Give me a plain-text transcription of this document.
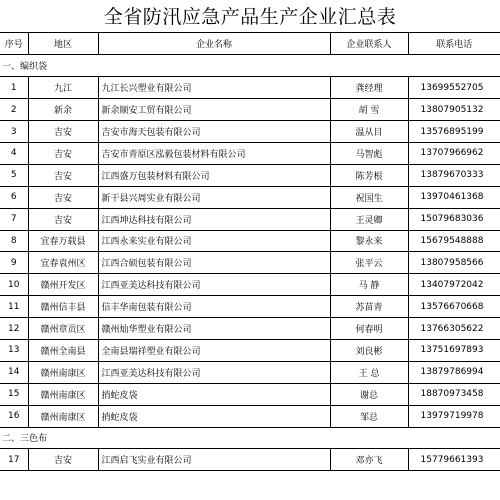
全省防汛应急产品生产企业汇总表
序号	地区	企业名称	企业联系人	联系电话
一、编织袋				
1	九江	九江长兴塑业有限公司	龚经理	13699552705
2	新余	新余顺安工贸有限公司	胡 雪	13807905132
3	吉安	吉安市海天包装有限公司	温从目	13576895199
4	吉安	吉安市青原区泓毅包装材料有限公司	马智彪	13707966962
5	吉安	江西盛万包装材料有限公司	陈芳根	13879670333
6	吉安	新干县兴周实业有限公司	祝国生	13970461368
7	吉安	江西坤达科技有限公司	王灵卿	15079683036
8	宜春万载县	江西永来实业有限公司	黎永来	15679548888
9	宜春袁州区	江西合硕包装有限公司	张平云	13807958566
10	赣州开发区	江西亚美达科技有限公司	马 静	13407972042
11	赣州信丰县	信丰华南包装有限公司	苏苗青	13576670668
12	赣州章贡区	赣州灿华塑业有限公司	何春明	13766305622
13	赣州全南县	全南县瑞祥塑业有限公司	刘良彬	13751697893
14	赣州南康区	江西亚美达科技有限公司	王 总	13879786994
15	赣州南康区	捎蛇皮袋	谢总	18870973458
16	赣州南康区	捎蛇皮袋	邹总	13979719978
二、三色布				
17	吉安	江西启飞实业有限公司	邓亦飞	15779661393
